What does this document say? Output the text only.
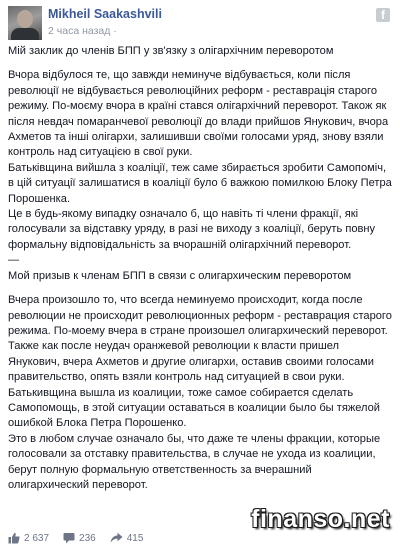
Mikheil Saakashvili
2 часа назад ·
f

Мій заклик до членів БПП у зв'язку з олігархічним переворотом

Вчора відбулося те, що завжди неминуче відбувається, коли після революції не відбувається революційних реформ - реставрація старого режиму. По-моєму вчора в країні стався олігархічний переворот. Також як після невдач помаранчевої революції до влади прийшов Янукович, вчора Ахметов та інші олігархи, залишивши своїми голосами уряд, знову взяли контроль над ситуацією в свої руки.

Батьківщина вийшла з коаліції, теж саме збирається зробити Самопоміч, в цій ситуації залишатися в коаліції було б важкою помилкою Блоку Петра Порошенка.

Це в будь-якому випадку означало б, що навіть ті члени фракції, які голосували за відставку уряду, в разі не виходу з коаліції, беруть повну формальну відповідальність за вчорашній олігархічний переворот.

—

Мой призыв к членам БПП в связи с олигархическим переворотом

Вчера произошло то, что всегда неминуемо происходит, когда после революции не происходит революционных реформ - реставрация старого режима. По-моему вчера в стране произошел олигархический переворот. Также как после неудач оранжевой революции к власти пришел Янукович, вчера Ахметов и другие олигархи, оставив своими голосами правительство, опять взяли контроль над ситуацией в свои руки.

Батькивщина вышла из коалиции, тоже самое собирается сделать Самопомощь, в этой ситуации оставаться в коалиции было бы тяжелой ошибкой Блока Петра Порошенко.

Это в любом случае означало бы, что даже те члены фракции, которые голосовали за отставку правительства, в случае не ухода из коалиции, берут полную формальную ответственность за вчерашний олигархический переворот.

2 637	236	415
finanso.net
